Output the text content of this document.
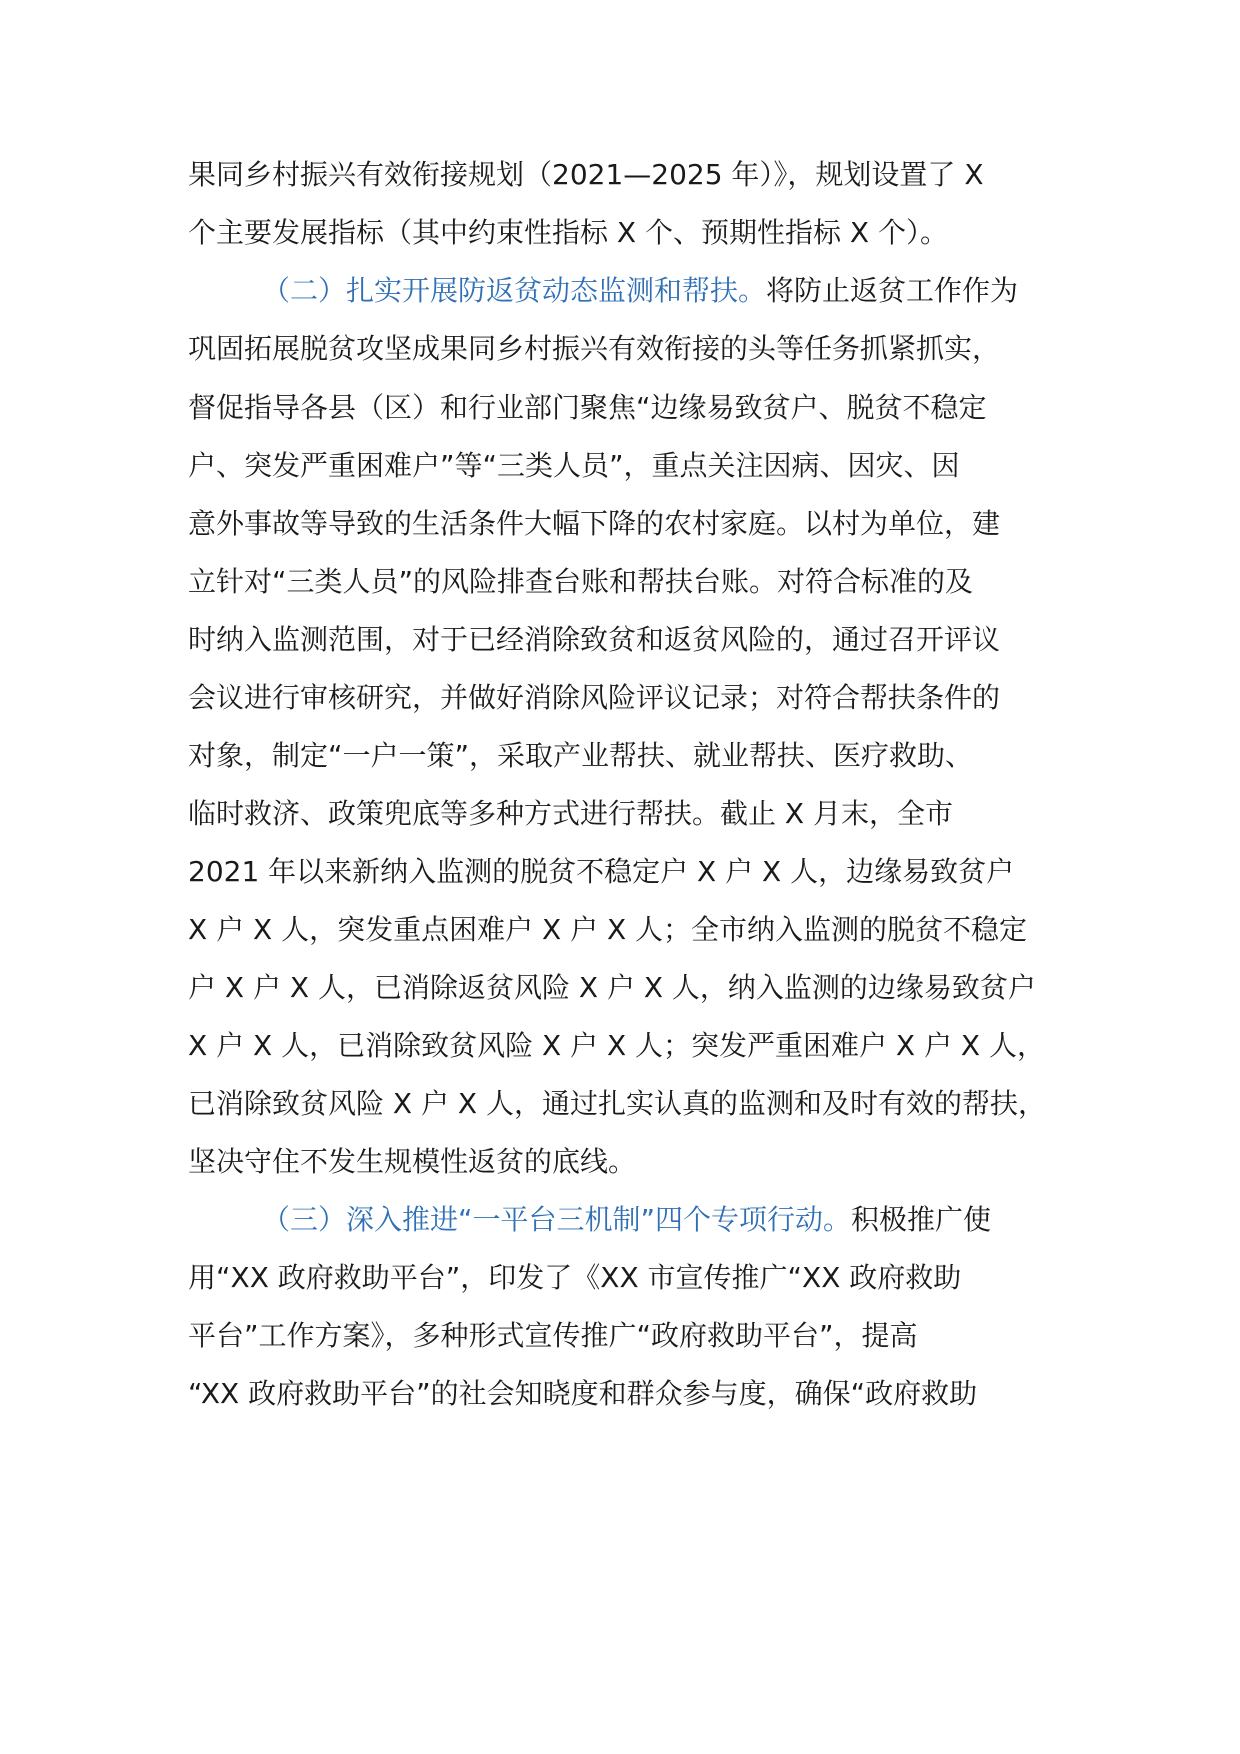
果同乡村振兴有效衔接规划（2021—2025 年）》，规划设置了 X
个主要发展指标（其中约束性指标 X 个、预期性指标 X 个）。
（二）扎实开展防返贫动态监测和帮扶。将防止返贫工作作为
巩固拓展脱贫攻坚成果同乡村振兴有效衔接的头等任务抓紧抓实，
督促指导各县（区）和行业部门聚焦“边缘易致贫户、脱贫不稳定
户、突发严重困难户”等“三类人员”，重点关注因病、因灾、因
意外事故等导致的生活条件大幅下降的农村家庭。以村为单位，建
立针对“三类人员”的风险排查台账和帮扶台账。对符合标准的及
时纳入监测范围，对于已经消除致贫和返贫风险的，通过召开评议
会议进行审核研究，并做好消除风险评议记录；对符合帮扶条件的
对象，制定“一户一策”，采取产业帮扶、就业帮扶、医疗救助、
临时救济、政策兜底等多种方式进行帮扶。截止 X 月末，全市
2021 年以来新纳入监测的脱贫不稳定户 X 户 X 人，边缘易致贫户
X 户 X 人，突发重点困难户 X 户 X 人；全市纳入监测的脱贫不稳定
户 X 户 X 人，已消除返贫风险 X 户 X 人，纳入监测的边缘易致贫户
X 户 X 人，已消除致贫风险 X 户 X 人；突发严重困难户 X 户 X 人，
已消除致贫风险 X 户 X 人，通过扎实认真的监测和及时有效的帮扶，
坚决守住不发生规模性返贫的底线。
（三）深入推进“一平台三机制”四个专项行动。积极推广使
用“XX 政府救助平台”，印发了《XX 市宣传推广“XX 政府救助
平台”工作方案》，多种形式宣传推广“政府救助平台”，提高
“XX 政府救助平台”的社会知晓度和群众参与度，确保“政府救助
